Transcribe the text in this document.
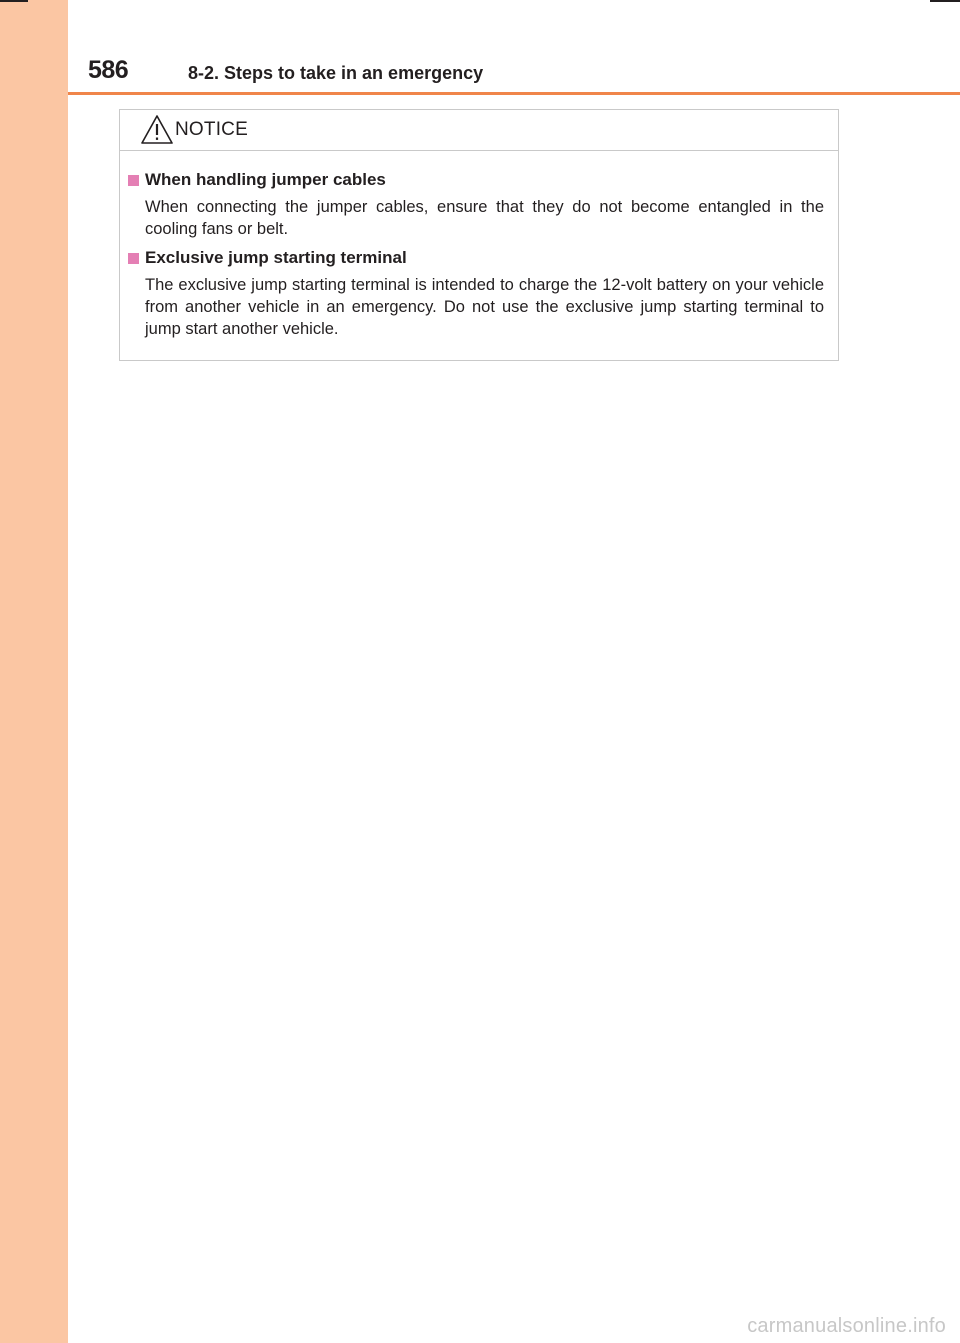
586	8-2. Steps to take in an emergency
NOTICE
When handling jumper cables
When connecting the jumper cables, ensure that they do not become entangled in the cooling fans or belt.
Exclusive jump starting terminal
The exclusive jump starting terminal is intended to charge the 12-volt battery on your vehicle from another vehicle in an emergency. Do not use the exclusive jump starting terminal to jump start another vehicle.
carmanualsonline.info
